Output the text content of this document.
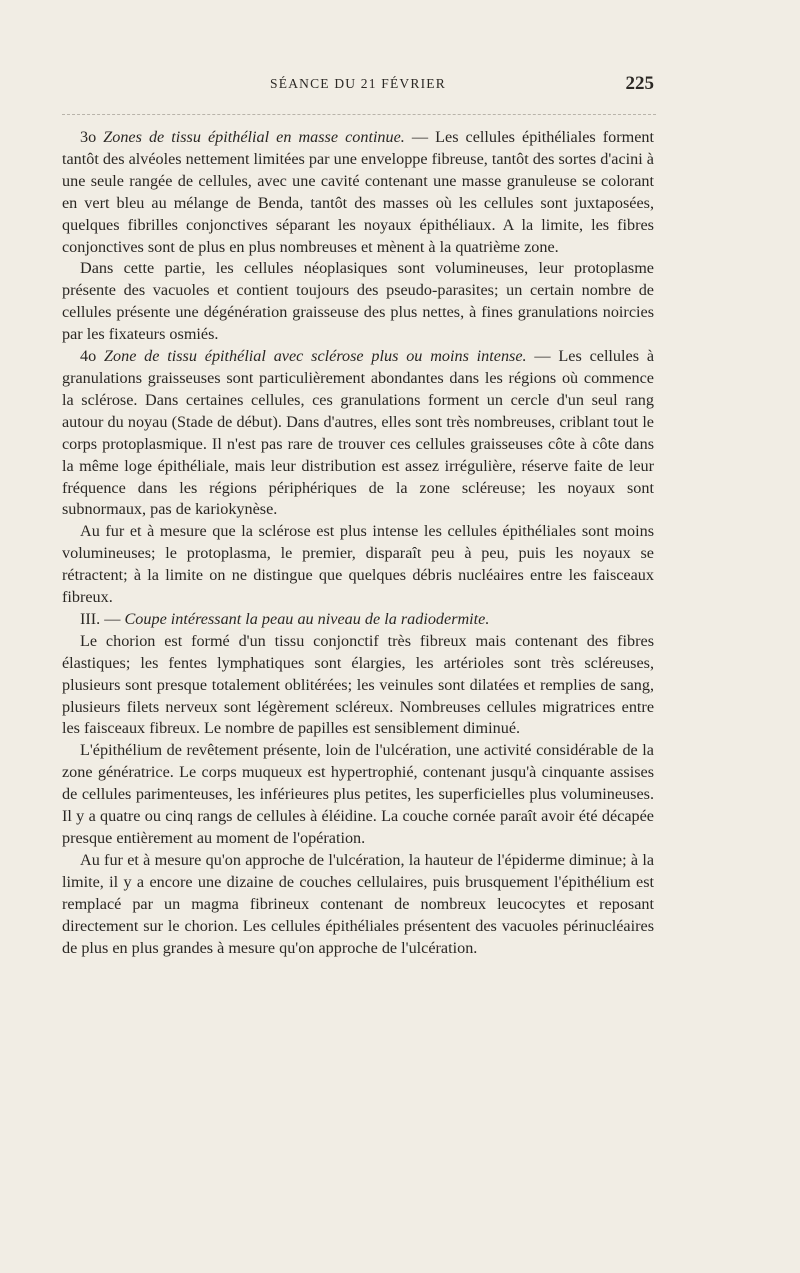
SÉANCE DU 21 FÉVRIER	225

3o Zones de tissu épithélial en masse continue. — Les cellules épithéliales forment tantôt des alvéoles nettement limitées par une enveloppe fibreuse, tantôt des sortes d'acini à une seule rangée de cellules, avec une cavité contenant une masse granuleuse se colorant en vert bleu au mélange de Benda, tantôt des masses où les cellules sont juxtaposées, quelques fibrilles conjonctives séparant les noyaux épithéliaux. A la limite, les fibres conjonctives sont de plus en plus nombreuses et mènent à la quatrième zone.

Dans cette partie, les cellules néoplasiques sont volumineuses, leur protoplasme présente des vacuoles et contient toujours des pseudo-parasites; un certain nombre de cellules présente une dégénération graisseuse des plus nettes, à fines granulations noircies par les fixateurs osmiés.

4o Zone de tissu épithélial avec sclérose plus ou moins intense. — Les cellules à granulations graisseuses sont particulièrement abondantes dans les régions où commence la sclérose. Dans certaines cellules, ces granulations forment un cercle d'un seul rang autour du noyau (Stade de début). Dans d'autres, elles sont très nombreuses, criblant tout le corps protoplasmique. Il n'est pas rare de trouver ces cellules graisseuses côte à côte dans la même loge épithéliale, mais leur distribution est assez irrégulière, réserve faite de leur fréquence dans les régions périphériques de la zone scléreuse; les noyaux sont subnormaux, pas de kariokynèse.

Au fur et à mesure que la sclérose est plus intense les cellules épithéliales sont moins volumineuses; le protoplasma, le premier, disparaît peu à peu, puis les noyaux se rétractent; à la limite on ne distingue que quelques débris nucléaires entre les faisceaux fibreux.

III. — Coupe intéressant la peau au niveau de la radiodermite.

Le chorion est formé d'un tissu conjonctif très fibreux mais contenant des fibres élastiques; les fentes lymphatiques sont élargies, les artérioles sont très scléreuses, plusieurs sont presque totalement oblitérées; les veinules sont dilatées et remplies de sang, plusieurs filets nerveux sont légèrement scléreux. Nombreuses cellules migratrices entre les faisceaux fibreux. Le nombre de papilles est sensiblement diminué.

L'épithélium de revêtement présente, loin de l'ulcération, une activité considérable de la zone génératrice. Le corps muqueux est hypertrophié, contenant jusqu'à cinquante assises de cellules parimenteuses, les inférieures plus petites, les superficielles plus volumineuses. Il y a quatre ou cinq rangs de cellules à éléidine. La couche cornée paraît avoir été décapée presque entièrement au moment de l'opération.

Au fur et à mesure qu'on approche de l'ulcération, la hauteur de l'épiderme diminue; à la limite, il y a encore une dizaine de couches cellulaires, puis brusquement l'épithélium est remplacé par un magma fibrineux contenant de nombreux leucocytes et reposant directement sur le chorion. Les cellules épithéliales présentent des vacuoles périnucléaires de plus en plus grandes à mesure qu'on approche de l'ulcération.
